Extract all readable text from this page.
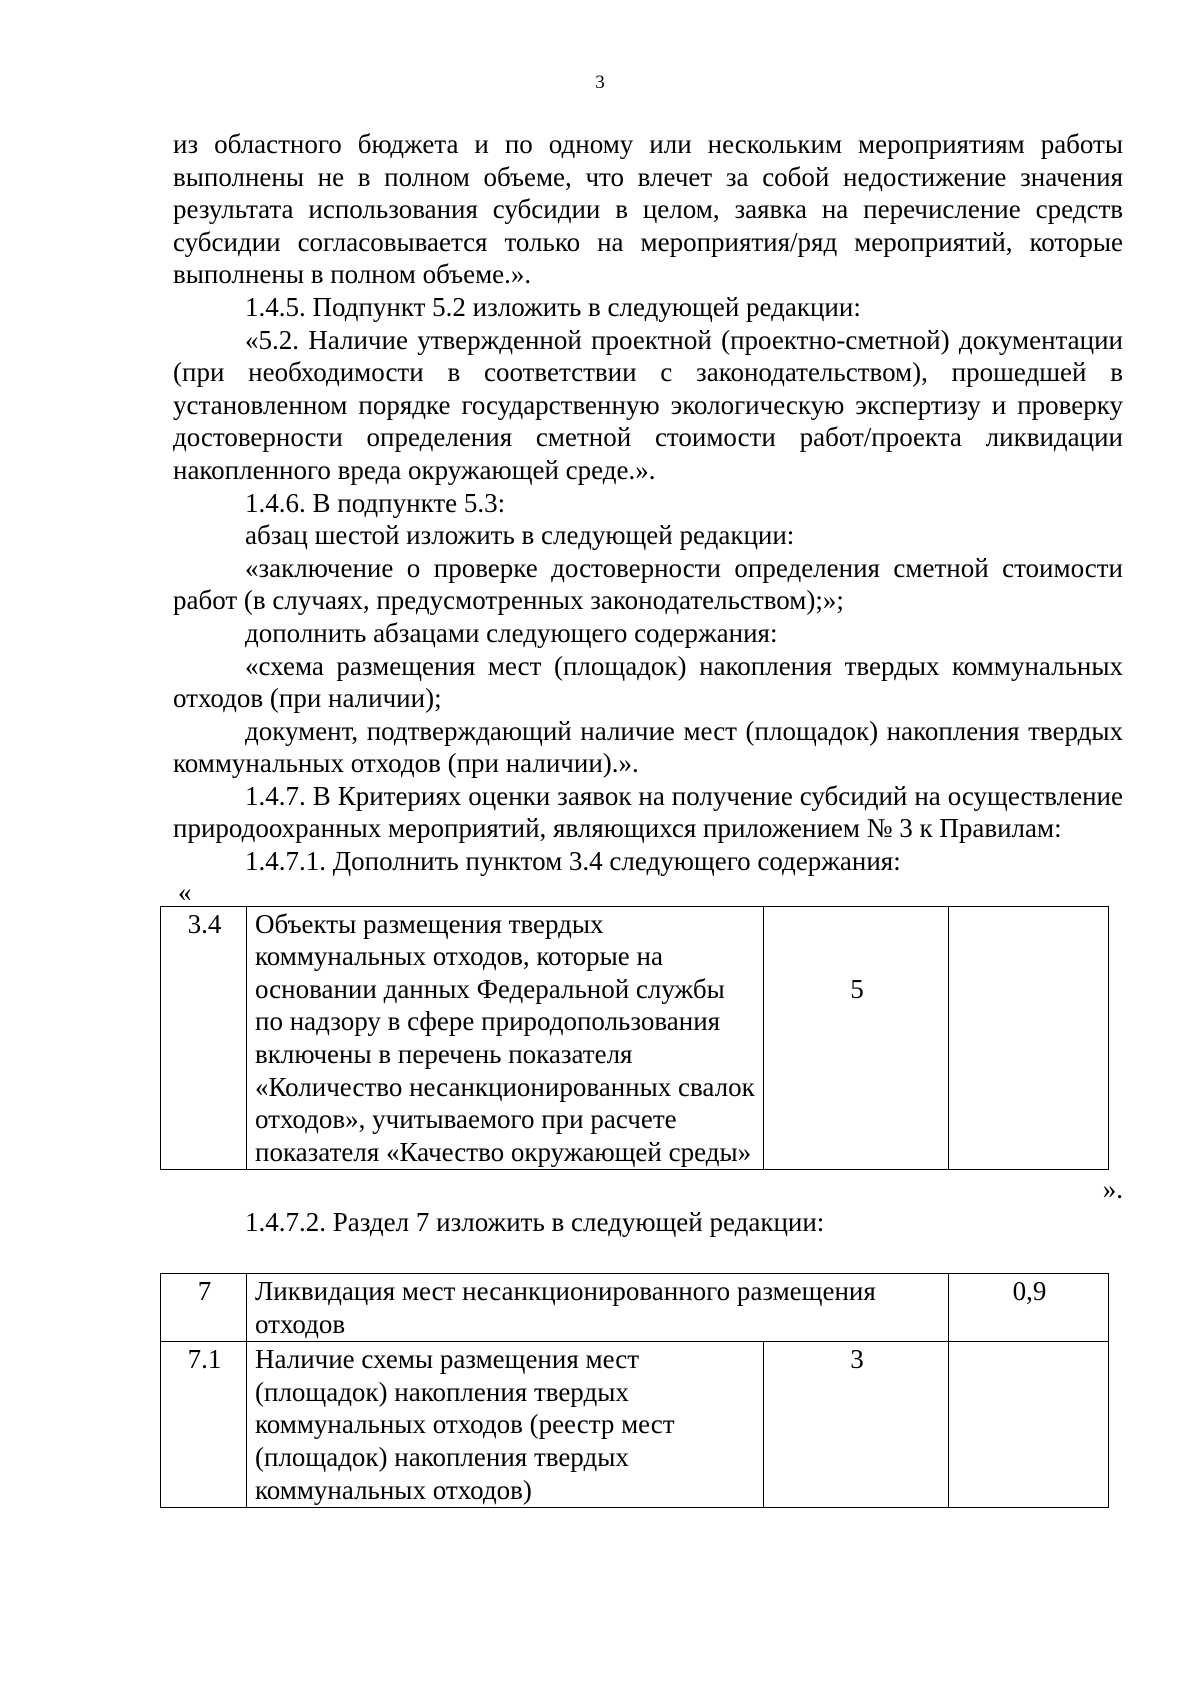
3

из областного бюджета и по одному или нескольким мероприятиям работы

выполнены не в полном объеме, что влечет за собой недостижение значения

результата использования субсидии в целом, заявка на перечисление средств

субсидии согласовывается только на мероприятия/ряд мероприятий, которые

выполнены в полном объеме.».

1.4.5. Подпункт 5.2 изложить в следующей редакции:

«5.2. Наличие утвержденной проектной (проектно-сметной) документации (при необходимости в соответствии с законодательством), прошедшей в установленном порядке государственную экологическую экспертизу и проверку достоверности определения сметной стоимости работ/проекта ликвидации накопленного вреда окружающей среде.».

1.4.6. В подпункте 5.3:

абзац шестой изложить в следующей редакции:

«заключение о проверке достоверности определения сметной стоимости работ (в случаях, предусмотренных законодательством);»;

дополнить абзацами следующего содержания:

«схема размещения мест (площадок) накопления твердых коммунальных отходов (при наличии);

документ, подтверждающий наличие мест (площадок) накопления твердых коммунальных отходов (при наличии).».

1.4.7. В Критериях оценки заявок на получение субсидий на осуществление природоохранных мероприятий, являющихся приложением № 3 к Правилам:

1.4.7.1. Дополнить пунктом 3.4 следующего содержания:

«

3.4	Объекты размещения твердых коммунальных отходов, которые на основании данных Федеральной службы по надзору в сфере природопользования включены в перечень показателя «Количество несанкционированных свалок отходов», учитываемого при расчете показателя «Качество окружающей среды»	5	

».

1.4.7.2. Раздел 7 изложить в следующей редакции:

7	Ликвидация мест несанкционированного размещения отходов		0,9
7.1	Наличие схемы размещения мест (площадок) накопления твердых коммунальных отходов (реестр мест (площадок) накопления твердых коммунальных отходов)	3	
